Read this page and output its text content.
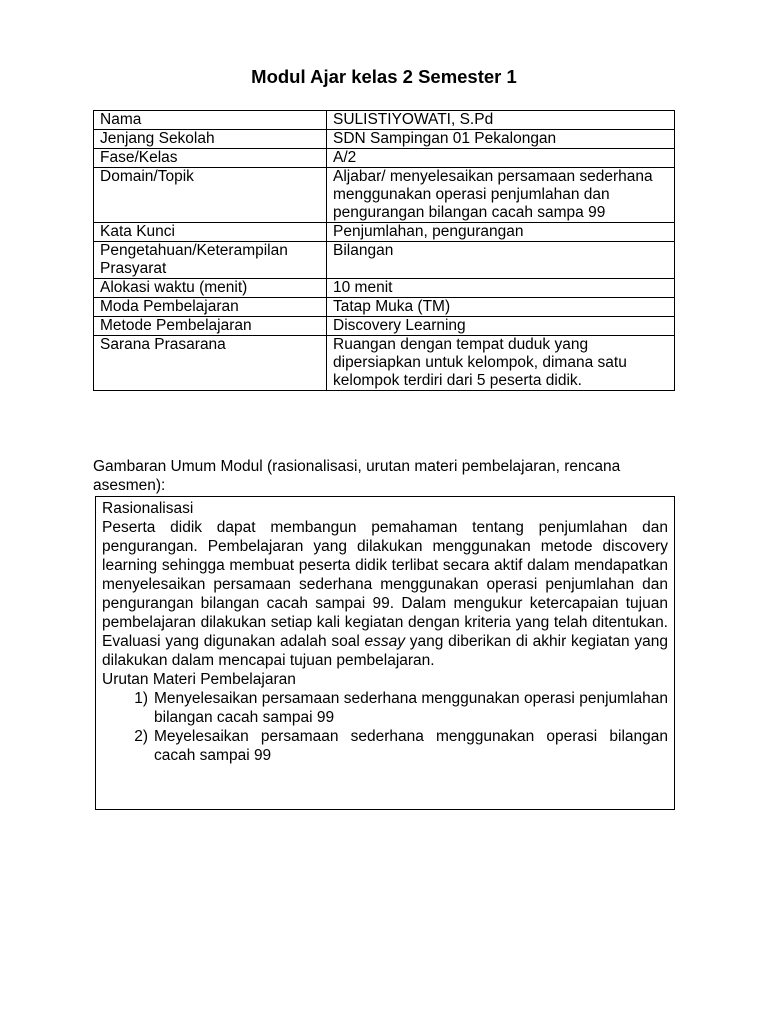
Modul Ajar kelas 2 Semester 1
Nama	SULISTIYOWATI, S.Pd
Jenjang Sekolah	SDN Sampingan 01 Pekalongan
Fase/Kelas	A/2
Domain/Topik	Aljabar/ menyelesaikan persamaan sederhana menggunakan operasi penjumlahan dan pengurangan bilangan cacah sampa 99
Kata Kunci	Penjumlahan, pengurangan
Pengetahuan/Keterampilan Prasyarat	Bilangan
Alokasi waktu (menit)	10 menit
Moda Pembelajaran	Tatap Muka (TM)
Metode Pembelajaran	Discovery Learning
Sarana Prasarana	Ruangan dengan tempat duduk yang dipersiapkan untuk kelompok, dimana satu kelompok terdiri dari 5 peserta didik.
Gambaran Umum Modul (rasionalisasi, urutan materi pembelajaran, rencana asesmen):

Rasionalisasi

Peserta didik dapat membangun pemahaman tentang penjumlahan dan pengurangan. Pembelajaran yang dilakukan menggunakan metode discovery learning sehingga membuat peserta didik terlibat secara aktif dalam mendapatkan menyelesaikan persamaan sederhana menggunakan operasi penjumlahan dan pengurangan bilangan cacah sampai 99. Dalam mengukur ketercapaian tujuan pembelajaran dilakukan setiap kali kegiatan dengan kriteria yang telah ditentukan. Evaluasi yang digunakan adalah soal essay yang diberikan di akhir kegiatan yang dilakukan dalam mencapai tujuan pembelajaran.

Urutan Materi Pembelajaran

1) Menyelesaikan persamaan sederhana menggunakan operasi penjumlahan bilangan cacah sampai 99
2) Meyelesaikan persamaan sederhana menggunakan operasi bilangan cacah sampai 99
